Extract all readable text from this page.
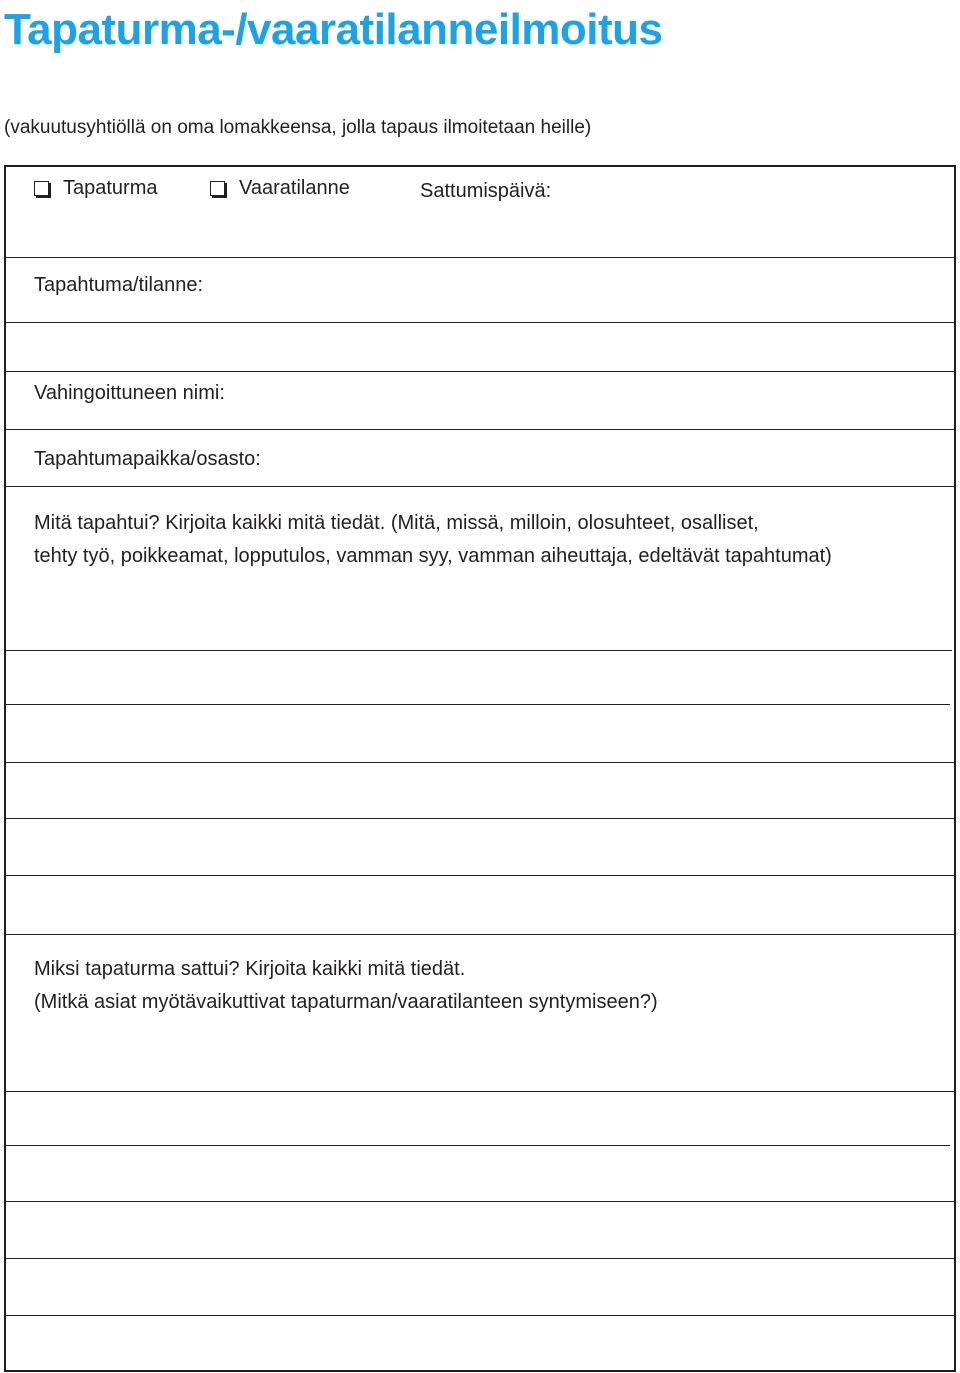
Tapaturma-/vaaratilanneilmoitus
(vakuutusyhtiöllä on oma lomakkeensa, jolla tapaus ilmoitetaan heille)
Tapaturma	Vaaratilanne	Sattumispäivä:
Tapahtuma/tilanne:
Vahingoittuneen nimi:
Tapahtumapaikka/osasto:
Mitä tapahtui? Kirjoita kaikki mitä tiedät. (Mitä, missä, milloin, olosuhteet, osalliset,
tehty työ, poikkeamat, lopputulos, vamman syy, vamman aiheuttaja, edeltävät tapahtumat)
Miksi tapaturma sattui? Kirjoita kaikki mitä tiedät.
(Mitkä asiat myötävaikuttivat tapaturman/vaaratilanteen syntymiseen?)
